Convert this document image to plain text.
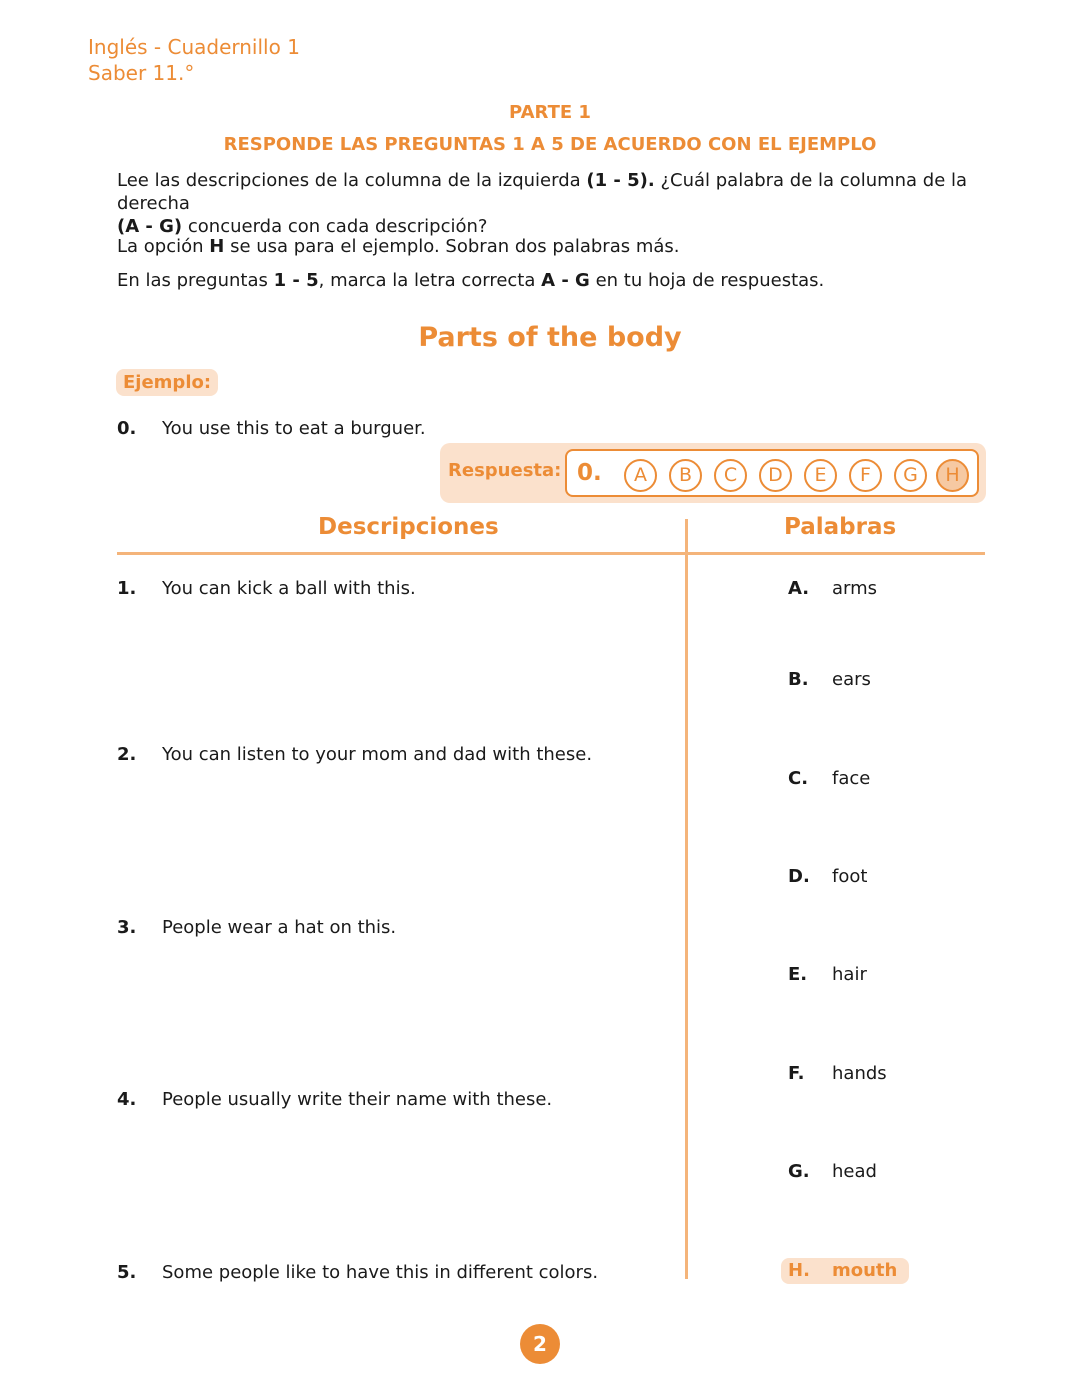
Inglés - Cuadernillo 1
Saber 11.°
PARTE 1
RESPONDE LAS PREGUNTAS 1 A 5 DE ACUERDO CON EL EJEMPLO
Lee las descripciones de la columna de la izquierda (1 - 5). ¿Cuál palabra de la columna de la derecha
(A - G) concuerda con cada descripción?
La opción H se usa para el ejemplo. Sobran dos palabras más.
En las preguntas 1 - 5, marca la letra correcta A - G en tu hoja de respuestas.
Parts of the body
Ejemplo:
0. You use this to eat a burguer.
Respuesta: 0.	A	B	C	D	E	F	G	H
Descripciones	Palabras
1. You can kick a ball with this.
2. You can listen to your mom and dad with these.
3. People wear a hat on this.
4. People usually write their name with these.
5. Some people like to have this in different colors.
A. arms
B. ears
C. face
D. foot
E. hair
F. hands
G. head
H. mouth
2
